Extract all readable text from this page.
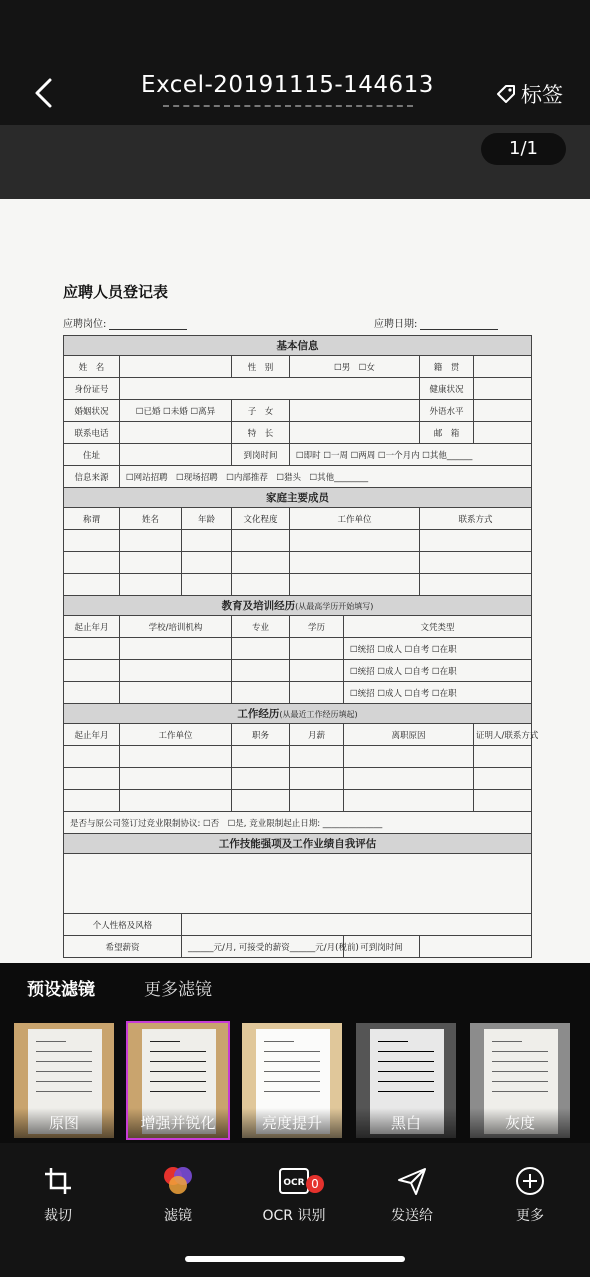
Excel-20191115-144613	标签
1/1
应聘人员登记表
应聘岗位:	应聘日期:
基本信息							
姓　名			性　别	☐男　☐女		籍　贯	
身份证号						健康状况	
婚姻状况	☐已婚 ☐未婚 ☐离异		子　女			外语水平	
联系电话			特　长			邮　箱	
住址			到岗时间	☐即时 ☐一周 ☐两周 ☐一个月内 ☐其他______			
信息来源	☐网站招聘　☐现场招聘　☐内部推荐　☐猎头　☐其他________						
家庭主要成员							
称谓	姓名	年龄	文化程度	工作单位		联系方式	

教育及培训经历(从最高学历开始填写)							
起止年月	学校/培训机构		专业	学历	文凭类型		
					☐统招 ☐成人 ☐自考 ☐在职		
					☐统招 ☐成人 ☐自考 ☐在职		
					☐统招 ☐成人 ☐自考 ☐在职		
工作经历(从最近工作经历填起)							
起止年月	工作单位		职务	月薪	离职原因		证明人/联系方式

是否与原公司签订过竞业限制协议: ☐否　☐是, 竞业限制起止日期: ______________							
工作技能强项及工作业绩自我评估							

个人性格及风格							
希望薪资		______元/月, 可接受的薪资______元/月(税前)			可到岗时间		
预设滤镜	更多滤镜
原图	增强并锐化	亮度提升	黑白	灰度
裁切	滤镜
OCR 0
OCR 识别	发送给	更多
